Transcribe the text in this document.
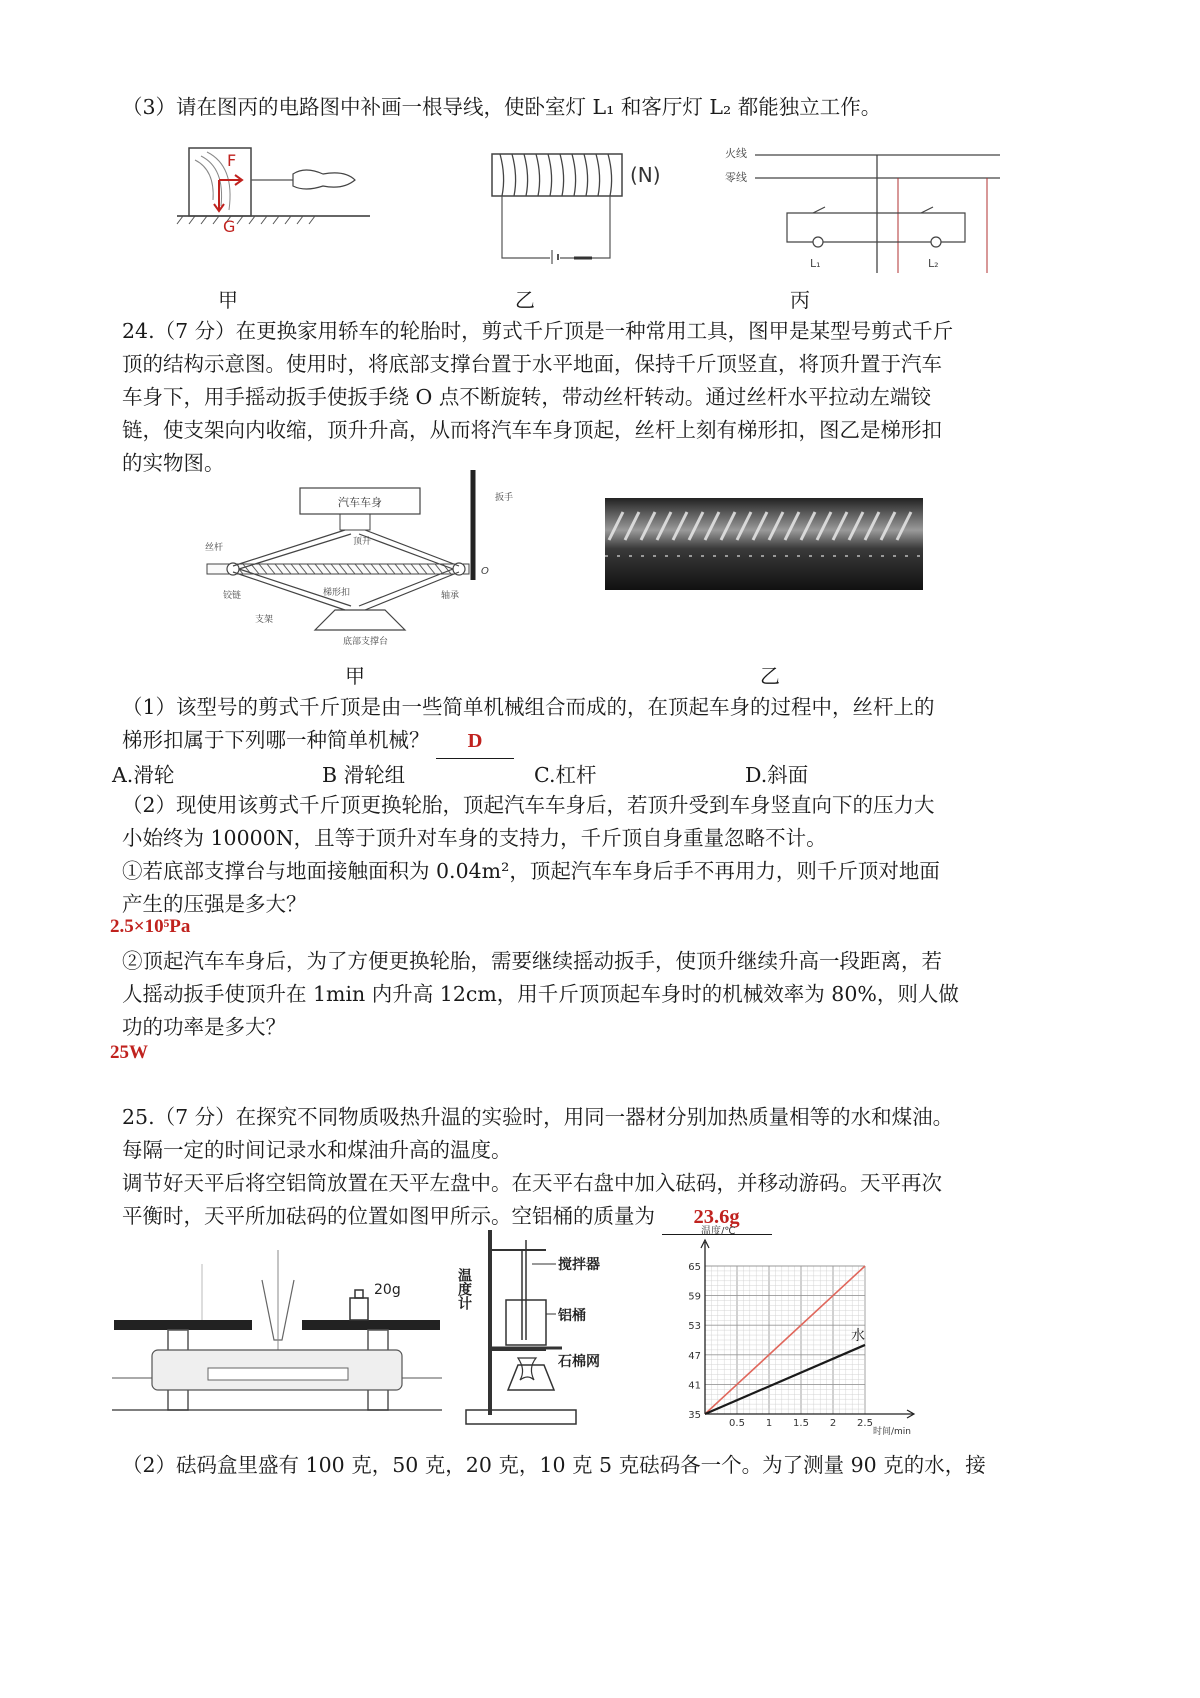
（3）请在图丙的电路图中补画一根导线，使卧室灯 L₁ 和客厅灯 L₂ 都能独立工作。
F
G
(N)
火线
零线
L₁	L₂
甲	乙	丙
24.（7 分）在更换家用轿车的轮胎时，剪式千斤顶是一种常用工具，图甲是某型号剪式千斤
顶的结构示意图。使用时，将底部支撑台置于水平地面，保持千斤顶竖直，将顶升置于汽车
车身下，用手摇动扳手使扳手绕 O 点不断旋转，带动丝杆转动。通过丝杆水平拉动左端铰
链，使支架向内收缩，顶升升高，从而将汽车车身顶起，丝杆上刻有梯形扣，图乙是梯形扣
的实物图。
汽车车身
顶升
扳手
O
丝杆
铰链	梯形扣	轴承
支架
底部支撑台
甲	乙
（1）该型号的剪式千斤顶是由一些简单机械组合而成的，在顶起车身的过程中，丝杆上的
梯形扣属于下列哪一种简单机械？ D
A.滑轮	B 滑轮组	C.杠杆	D.斜面
（2）现使用该剪式千斤顶更换轮胎，顶起汽车车身后，若顶升受到车身竖直向下的压力大
小始终为 10000N，且等于顶升对车身的支持力，千斤顶自身重量忽略不计。
①若底部支撑台与地面接触面积为 0.04m²，顶起汽车车身后手不再用力，则千斤顶对地面
产生的压强是多大？
2.5×10⁵Pa
②顶起汽车车身后，为了方便更换轮胎，需要继续摇动扳手，使顶升继续升高一段距离，若
人摇动扳手使顶升在 1min 内升高 12cm，用千斤顶顶起车身时的机械效率为 80%，则人做
功的功率是多大？
25W
25.（7 分）在探究不同物质吸热升温的实验时，用同一器材分别加热质量相等的水和煤油。
每隔一定的时间记录水和煤油升高的温度。
调节好天平后将空铝筒放置在天平左盘中。在天平右盘中加入砝码，并移动游码。天平再次
平衡时，天平所加砝码的位置如图甲所示。空铝桶的质量为 23.6g
20g
搅拌器
温度计
铝桶
石棉网
温度/℃
35
41
47
53
59
65
0.5 1 1.5 2 2.5
时间/min
水
（2）砝码盒里盛有 100 克，50 克，20 克，10 克 5 克砝码各一个。为了测量 90 克的水，接
